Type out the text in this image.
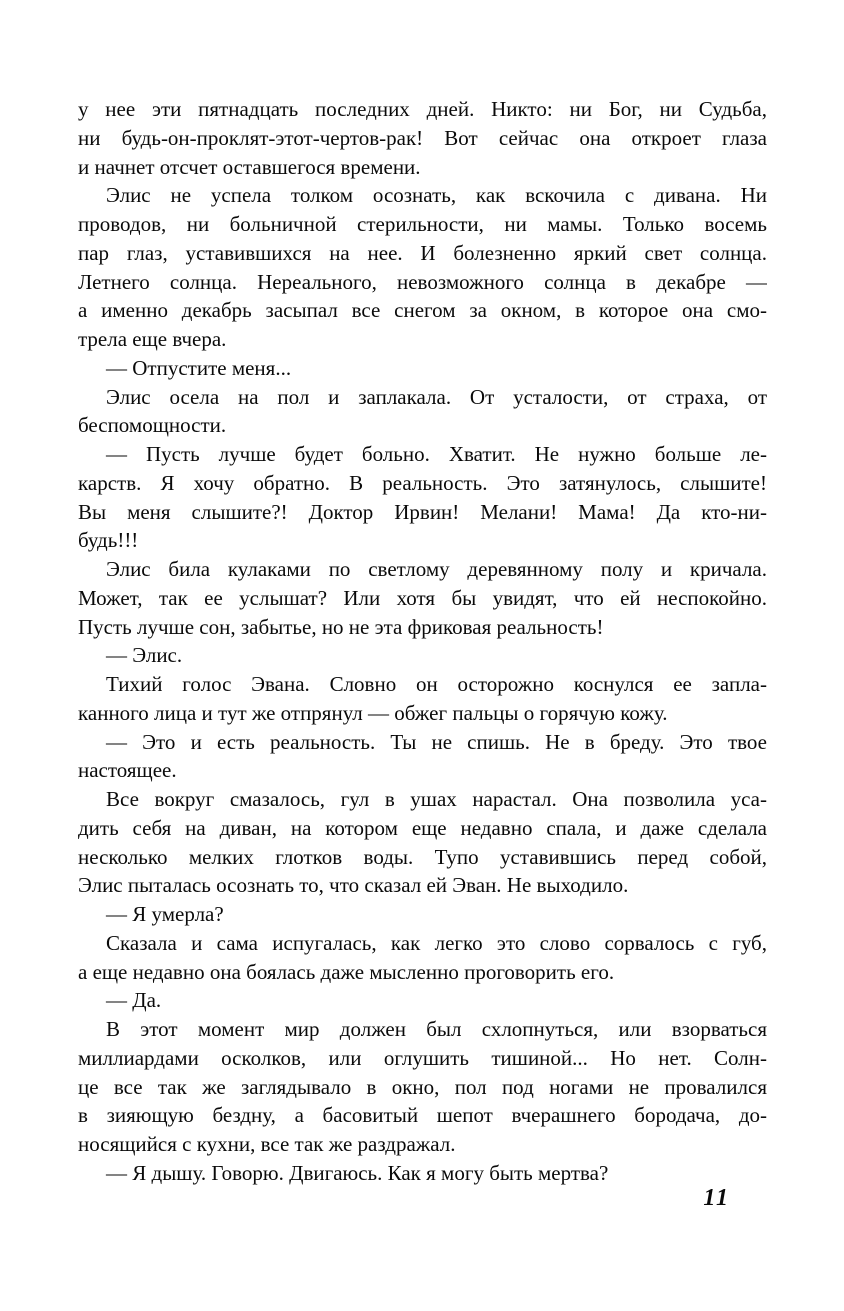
у нее эти пятнадцать последних дней. Никто: ни Бог, ни Судьба,
ни будь-он-проклят-этот-чертов-рак! Вот сейчас она откроет глаза
и начнет отсчет оставшегося времени.
Элис не успела толком осознать, как вскочила с дивана. Ни
проводов, ни больничной стерильности, ни мамы. Только восемь
пар глаз, уставившихся на нее. И болезненно яркий свет солнца.
Летнего солнца. Нереального, невозможного солнца в декабре —
а именно декабрь засыпал все снегом за окном, в которое она смо-
трела еще вчера.
— Отпустите меня...
Элис осела на пол и заплакала. От усталости, от страха, от
беспомощности.
— Пусть лучше будет больно. Хватит. Не нужно больше ле-
карств. Я хочу обратно. В реальность. Это затянулось, слышите!
Вы меня слышите?! Доктор Ирвин! Мелани! Мама! Да кто-ни-
будь!!!
Элис била кулаками по светлому деревянному полу и кричала.
Может, так ее услышат? Или хотя бы увидят, что ей неспокойно.
Пусть лучше сон, забытье, но не эта фриковая реальность!
— Элис.
Тихий голос Эвана. Словно он осторожно коснулся ее запла-
канного лица и тут же отпрянул — обжег пальцы о горячую кожу.
— Это и есть реальность. Ты не спишь. Не в бреду. Это твое
настоящее.
Все вокруг смазалось, гул в ушах нарастал. Она позволила уса-
дить себя на диван, на котором еще недавно спала, и даже сделала
несколько мелких глотков воды. Тупо уставившись перед собой,
Элис пыталась осознать то, что сказал ей Эван. Не выходило.
— Я умерла?
Сказала и сама испугалась, как легко это слово сорвалось с губ,
а еще недавно она боялась даже мысленно проговорить его.
— Да.
В этот момент мир должен был схлопнуться, или взорваться
миллиардами осколков, или оглушить тишиной... Но нет. Солн-
це все так же заглядывало в окно, пол под ногами не провалился
в зияющую бездну, а басовитый шепот вчерашнего бородача, до-
носящийся с кухни, все так же раздражал.
— Я дышу. Говорю. Двигаюсь. Как я могу быть мертва?
11
